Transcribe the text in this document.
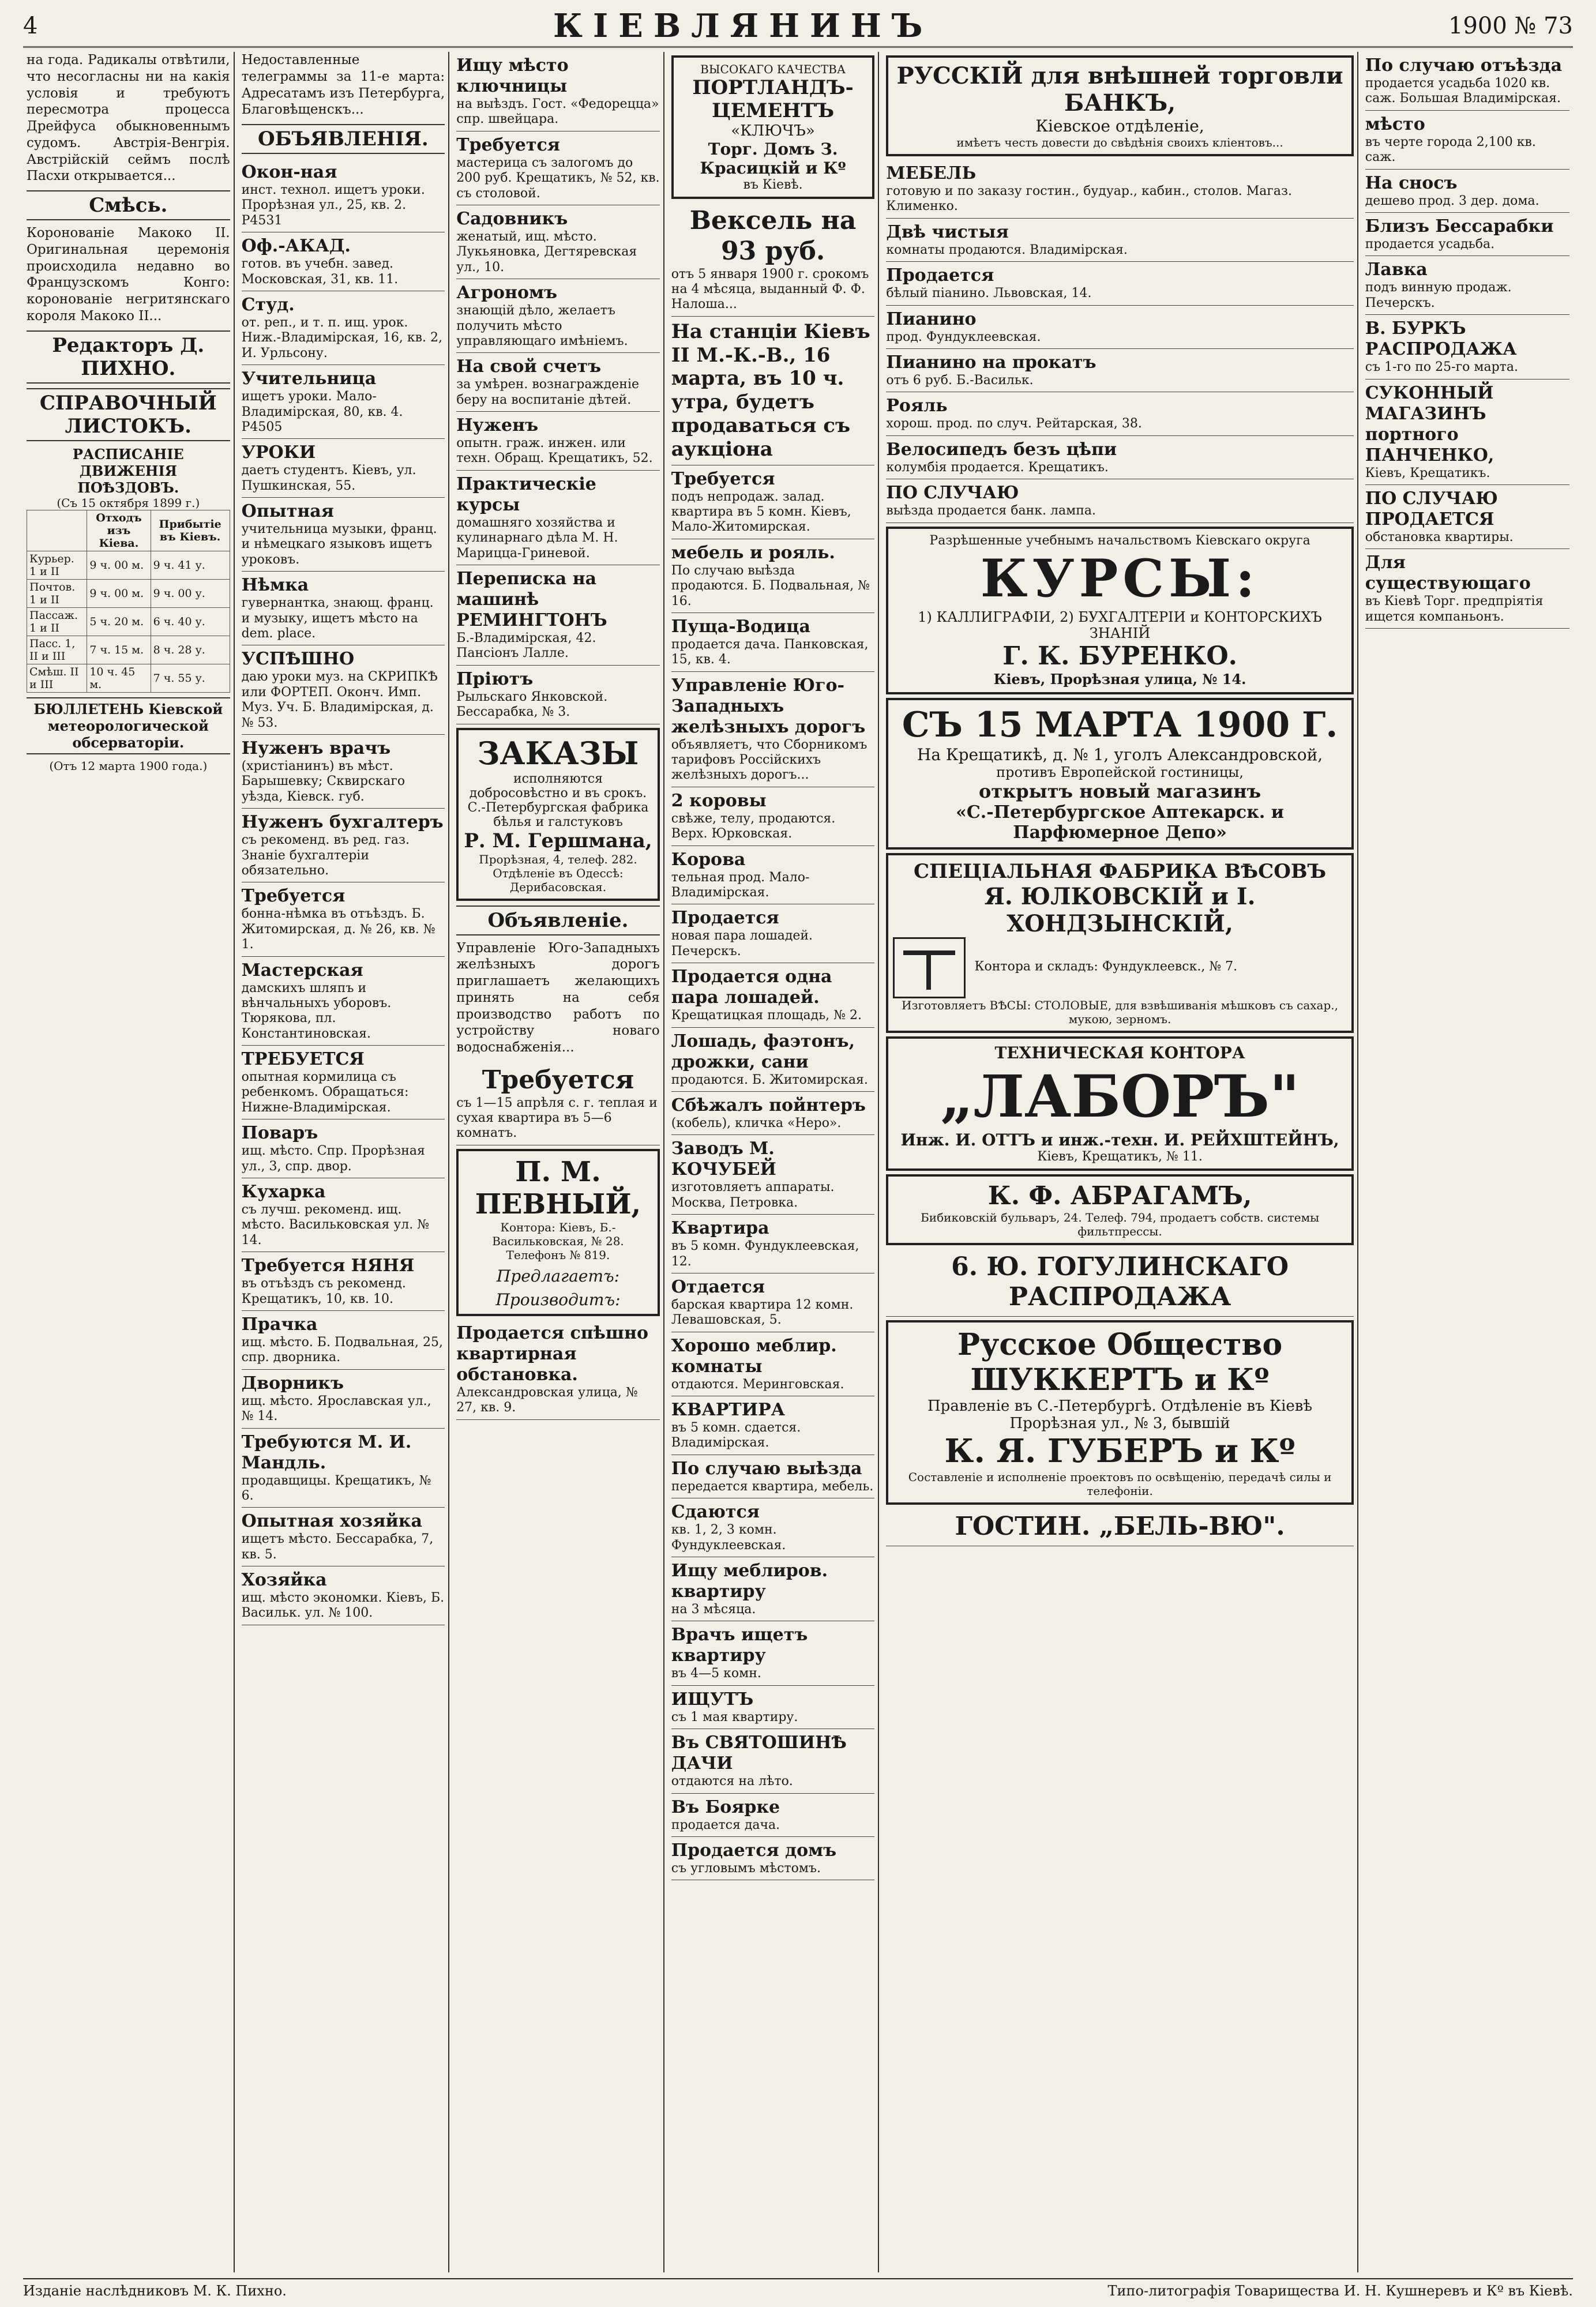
4	КІЕВЛЯНИНЪ	1900 № 73

на года. Радикалы отвѣтили, что несогласны ни на какія условія и требуютъ пересмотра процесса Дрейфуса обыкновеннымъ судомъ. Австрія-Венгрія. Австрійскій сеймъ послѣ Пасхи открывается...

Смѣсь.

Коронованіе Макоко II. Оригинальная церемонія происходила недавно во Французскомъ Конго: коронованіе негритянскаго короля Макоко II...

Редакторъ Д. ПИХНО.
СПРАВОЧНЫЙ ЛИСТОКЪ.
РАСПИСАНІЕ ДВИЖЕНІЯ ПОѢЗДОВЪ.
(Съ 15 октября 1899 г.)
	Отходъ изъ Кіева.	Прибытіе въ Кіевъ.
Курьер. 1 и II	9 ч. 00 м.	9 ч. 41 у.
Почтов. 1 и II	9 ч. 00 м.	9 ч. 00 у.
Пассаж. 1 и II	5 ч. 20 м.	6 ч. 40 у.
Пасс. 1, II и III	7 ч. 15 м.	8 ч. 28 у.
Смѣш. II и III	10 ч. 45 м.	7 ч. 55 у.
БЮЛЛЕТЕНЬ Кіевской метеорологической обсерваторіи.
(Отъ 12 марта 1900 года.)

Недоставленные телеграммы за 11-е марта: Адресатамъ изъ Петербурга, Благовѣщенскъ...

ОБЪЯВЛЕНІЯ.
Окон-ная
инст. технол. ищетъ уроки. Прорѣзная ул., 25, кв. 2. Р4531
Оф.-АКАД.
готов. въ учебн. завед. Московская, 31, кв. 11.
Студ.
от. реп., и т. п. ищ. урок. Ниж.-Владимірская, 16, кв. 2, И. Урльсону.
Учительница
ищетъ уроки. Мало-Владимірская, 80, кв. 4. Р4505
УРОКИ
даетъ студентъ. Кіевъ, ул. Пушкинская, 55.
Опытная
учительница музыки, франц. и нѣмецкаго языковъ ищетъ уроковъ.
Нѣмка
гувернантка, знающ. франц. и музыку, ищетъ мѣсто на dem. place.
УСПѢШНО
даю уроки муз. на СКРИПКѢ или ФОРТЕП. Оконч. Имп. Муз. Уч. Б. Владимірская, д. № 53.
Нуженъ врачъ
(христіанинъ) въ мѣст. Барышевку; Сквирскаго уѣзда, Кіевск. губ.
Нуженъ бухгалтеръ
съ рекоменд. въ ред. газ. Знаніе бухгалтеріи обязательно.
Требуется
бонна-нѣмка въ отъѣздъ. Б. Житомирская, д. № 26, кв. № 1.
Мастерская
дамскихъ шляпъ и вѣнчальныхъ уборовъ. Тюрякова, пл. Константиновская.
ТРЕБУЕТСЯ
опытная кормилица съ ребенкомъ. Обращаться: Нижне-Владимірская.
Поваръ
ищ. мѣсто. Спр. Прорѣзная ул., 3, спр. двор.
Кухарка
съ лучш. рекоменд. ищ. мѣсто. Васильковская ул. № 14.
Требуется НЯНЯ
въ отъѣздъ съ рекоменд. Крещатикъ, 10, кв. 10.
Прачка
ищ. мѣсто. Б. Подвальная, 25, спр. дворника.
Дворникъ
ищ. мѣсто. Ярославская ул., № 14.
Требуются М. И. Мандль.
продавщицы. Крещатикъ, № 6.
Опытная хозяйка
ищетъ мѣсто. Бессарабка, 7, кв. 5.
Хозяйка
ищ. мѣсто экономки. Кіевъ, Б. Васильк. ул. № 100.
Ищу мѣсто ключницы
на выѣздъ. Гост. «Федорецца» спр. швейцара.
Требуется
мастерица съ залогомъ до 200 руб. Крещатикъ, № 52, кв. съ столовой.
Садовникъ
женатый, ищ. мѣсто. Лукьяновка, Дегтяревская ул., 10.
Агрономъ
знающій дѣло, желаетъ получить мѣсто управляющаго имѣніемъ.
На свой счетъ
за умѣрен. вознагражденіе беру на воспитаніе дѣтей.
Нуженъ
опытн. граж. инжен. или техн. Обращ. Крещатикъ, 52.
Практическіе курсы
домашняго хозяйства и кулинарнаго дѣла М. Н. Марицца-Гриневой.
Переписка на машинѣ РЕМИНГТОНЪ
Б.-Владимірская, 42. Пансіонъ Лалле.
Пріютъ
Рыльскаго Янковской. Бессарабка, № 3.
ЗАКАЗЫ
исполняются добросовѣстно и въ срокъ. С.-Петербургская фабрика бѣлья и галстуковъ
Р. М. Гершмана,
Прорѣзная, 4, телеф. 282. Отдѣленіе въ Одессѣ: Дерибасовская.
Объявленіе.

Управленіе Юго-Западныхъ желѣзныхъ дорогъ приглашаетъ желающихъ принять на себя производство работъ по устройству новаго водоснабженія...

Требуется
съ 1—15 апрѣля с. г. теплая и сухая квартира въ 5—6 комнатъ.
П. М. ПЕВНЫЙ,
Контора: Кіевъ, Б.-Васильковская, № 28. Телефонъ № 819.
Предлагаетъ:
Производитъ:
Продается спѣшно квартирная обстановка.
Александровская улица, № 27, кв. 9.
ВЫСОКАГО КАЧЕСТВА
ПОРТЛАНДЪ-ЦЕМЕНТЪ
«КЛЮЧЪ»
Торг. Домъ З. Красицкій и Кº
въ Кіевѣ.
Вексель на 93 руб.
отъ 5 января 1900 г. срокомъ на 4 мѣсяца, выданный Ф. Ф. Налоша...
На станціи Кіевъ II М.-К.-В., 16 марта, въ 10 ч. утра, будетъ продаваться съ аукціона
Требуется
подъ непродаж. залад. квартира въ 5 комн. Кіевъ, Мало-Житомирская.
мебель и рояль.
По случаю выѣзда продаются. Б. Подвальная, № 16.
Пуща-Водица
продается дача. Панковская, 15, кв. 4.
Управленіе Юго-Западныхъ желѣзныхъ дорогъ
объявляетъ, что Сборникомъ тарифовъ Россійскихъ желѣзныхъ дорогъ...
2 коровы
свѣже, телу, продаются. Верх. Юрковская.
Корова
тельная прод. Мало-Владимірская.
Продается
новая пара лошадей. Печерскъ.
Продается одна пара лошадей.
Крещатицкая площадь, № 2.
Лошадь, фаэтонъ, дрожки, сани
продаются. Б. Житомирская.
Сбѣжалъ пойнтеръ
(кобель), кличка «Неро».
Заводъ М. КОЧУБЕЙ
изготовляетъ аппараты. Москва, Петровка.
Квартира
въ 5 комн. Фундуклеевская, 12.
Отдается
барская квартира 12 комн. Левашовская, 5.
Хорошо меблир. комнаты
отдаются. Меринговская.
КВАРТИРА
въ 5 комн. сдается. Владимірская.
По случаю выѣзда
передается квартира, мебель.
Сдаются
кв. 1, 2, 3 комн. Фундуклеевская.
Ищу меблиров. квартиру
на 3 мѣсяца.
Врачъ ищетъ квартиру
въ 4—5 комн.
ИЩУТЪ
съ 1 мая квартиру.
Въ СВЯТОШИНѢ ДАЧИ
отдаются на лѣто.
Въ Боярке
продается дача.
Продается домъ
съ угловымъ мѣстомъ.
РУССКІЙ для внѣшней торговли БАНКЪ,
Кіевское отдѣленіе,
имѣетъ честь довести до свѣдѣнія своихъ кліентовъ...
МЕБЕЛЬ
готовую и по заказу гостин., будуар., кабин., столов. Магаз. Клименко.
Двѣ чистыя
комнаты продаются. Владимірская.
Продается
бѣлый піанино. Львовская, 14.
Пианино
прод. Фундуклеевская.
Пианино на прокатъ
отъ 6 руб. Б.-Васильк.
Рояль
хорош. прод. по случ. Рейтарская, 38.
Велосипедъ безъ цѣпи
колумбія продается. Крещатикъ.
ПО СЛУЧАЮ
выѣзда продается банк. лампа.
Разрѣшенные учебнымъ начальствомъ Кіевскаго округа
КУРСЫ:
1) КАЛЛИГРАФІИ, 2) БУХГАЛТЕРІИ и КОНТОРСКИХЪ ЗНАНІЙ
Г. К. БУРЕНКО.
Кіевъ, Прорѣзная улица, № 14.
СЪ 15 МАРТА 1900 Г.
На Крещатикѣ, д. № 1, уголъ Александровской,
противъ Европейской гостиницы,
открытъ новый магазинъ
«С.-Петербургское Аптекарск. и Парфюмерное Депо»
СПЕЦІАЛЬНАЯ ФАБРИКА ВѢСОВЪ
Я. ЮЛКОВСКІЙ и І. ХОНДЗЫНСКІЙ,
Контора и складъ: Фундуклеевск., № 7.
Изготовляетъ ВѢСЫ: СТОЛОВЫЕ, для взвѣшиванія мѣшковъ съ сахар., мукою, зерномъ.
ТЕХНИЧЕСКАЯ КОНТОРА
„ЛАБОРЪ"
Инж. И. ОТТЪ и инж.-техн. И. РЕЙХШТЕЙНЪ,
Кіевъ, Крещатикъ, № 11.
К. Ф. АБРАГАМЪ,
Бибиковскій бульваръ, 24. Телеф. 794, продаетъ собств. системы фильтпрессы.
6. Ю. ГОГУЛИНСКАГО РАСПРОДАЖА
Русское Общество ШУККЕРТЪ и Кº
Правленіе въ С.-Петербургѣ. Отдѣленіе въ Кіевѣ
Прорѣзная ул., № 3, бывшій
К. Я. ГУБЕРЪ и Кº
Составленіе и исполненіе проектовъ по освѣщенію, передачѣ силы и телефоніи.
ГОСТИН. „БЕЛЬ-ВЮ".
По случаю отъѣзда
продается усадьба 1020 кв. саж. Большая Владимірская.
мѣсто
въ черте города 2,100 кв. саж.
На сносъ
дешево прод. 3 дер. дома.
Близъ Бессарабки
продается усадьба.
Лавка
подъ винную продаж. Печерскъ.
В. БУРКЪ РАСПРОДАЖА
съ 1-го по 25-го марта.
СУКОННЫЙ МАГАЗИНЪ портного ПАНЧЕНКО,
Кіевъ, Крещатикъ.
ПО СЛУЧАЮ ПРОДАЕТСЯ
обстановка квартиры.
Для существующаго
въ Кіевѣ Торг. предпріятія ищется компаньонъ.
Изданіе наслѣдниковъ М. К. Пихно.	Типо-литографія Товарищества И. Н. Кушнеревъ и Кº въ Кіевѣ.
